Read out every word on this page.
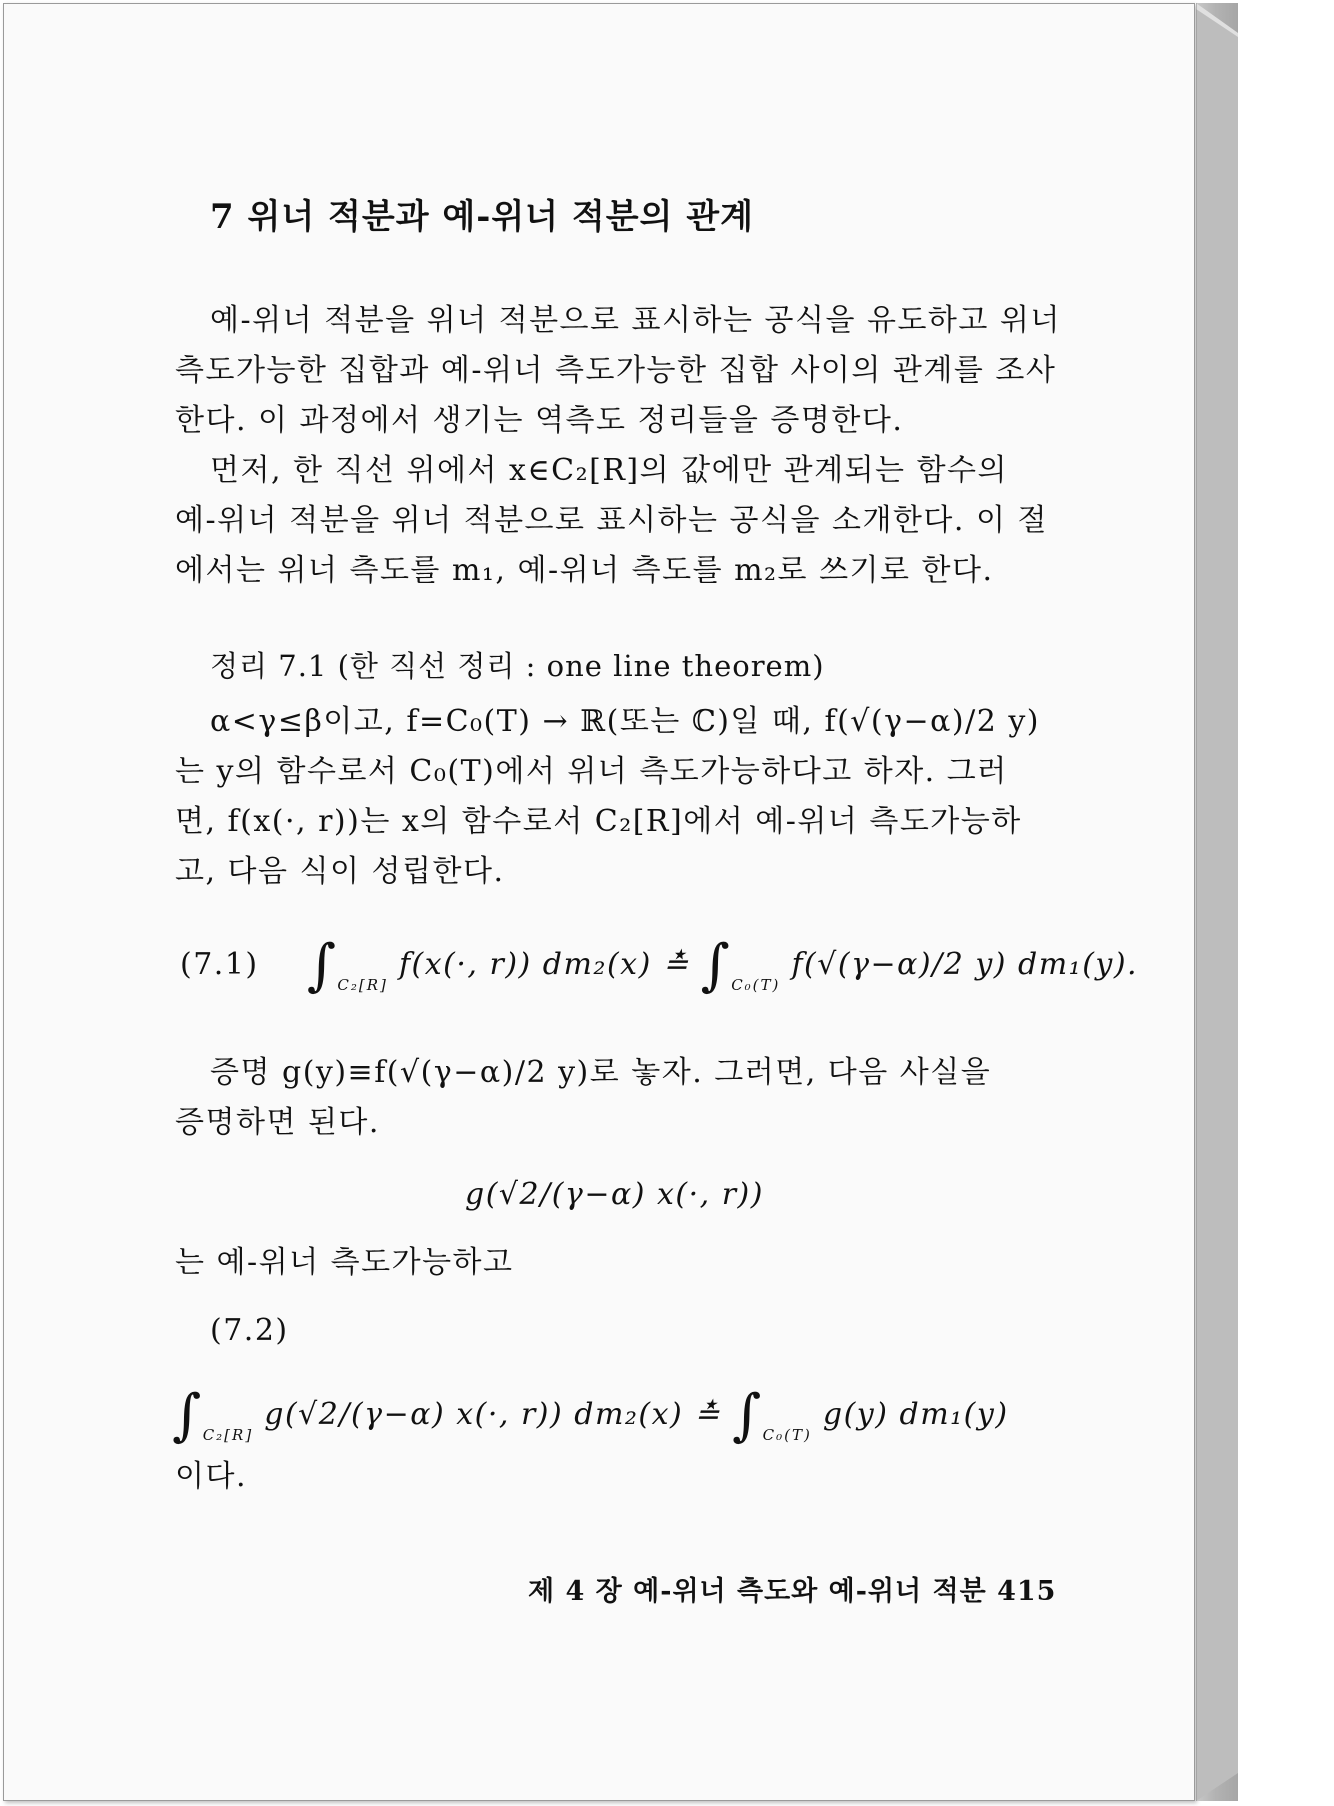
7 위너 적분과 예-위너 적분의 관계
예-위너 적분을 위너 적분으로 표시하는 공식을 유도하고 위너
측도가능한 집합과 예-위너 측도가능한 집합 사이의 관계를 조사
한다. 이 과정에서 생기는 역측도 정리들을 증명한다.
먼저, 한 직선 위에서 x∈C₂[R]의 값에만 관계되는 함수의
예-위너 적분을 위너 적분으로 표시하는 공식을 소개한다. 이 절
에서는 위너 측도를 m₁, 예-위너 측도를 m₂로 쓰기로 한다.
정리 7.1 (한 직선 정리 : one line theorem)
α<γ≤β이고, f=C₀(T) → ℝ(또는 ℂ)일 때, f(√(γ−α)/2 y)
는 y의 함수로서 C₀(T)에서 위너 측도가능하다고 하자. 그러
면, f(x(·, r))는 x의 함수로서 C₂[R]에서 예-위너 측도가능하
고, 다음 식이 성립한다.
(7.1) $\int_{C_2[R]}$ f(x(·, r)) dm₂(x) ≛ $\int_{C_0(T)}$ f(√(γ−α)/2 y) dm₁(y).
증명 g(y)≡f(√(γ−α)/2 y)로 놓자. 그러면, 다음 사실을
증명하면 된다.
g(√2/(γ−α) x(·, r))
는 예-위너 측도가능하고
(7.2)
$\int_{C_2[R]}$ g(√2/(γ−α) x(·, r)) dm₂(x) ≛ $\int_{C_0(T)}$ g(y) dm₁(y)
이다.
제 4 장 예-위너 측도와 예-위너 적분 415
